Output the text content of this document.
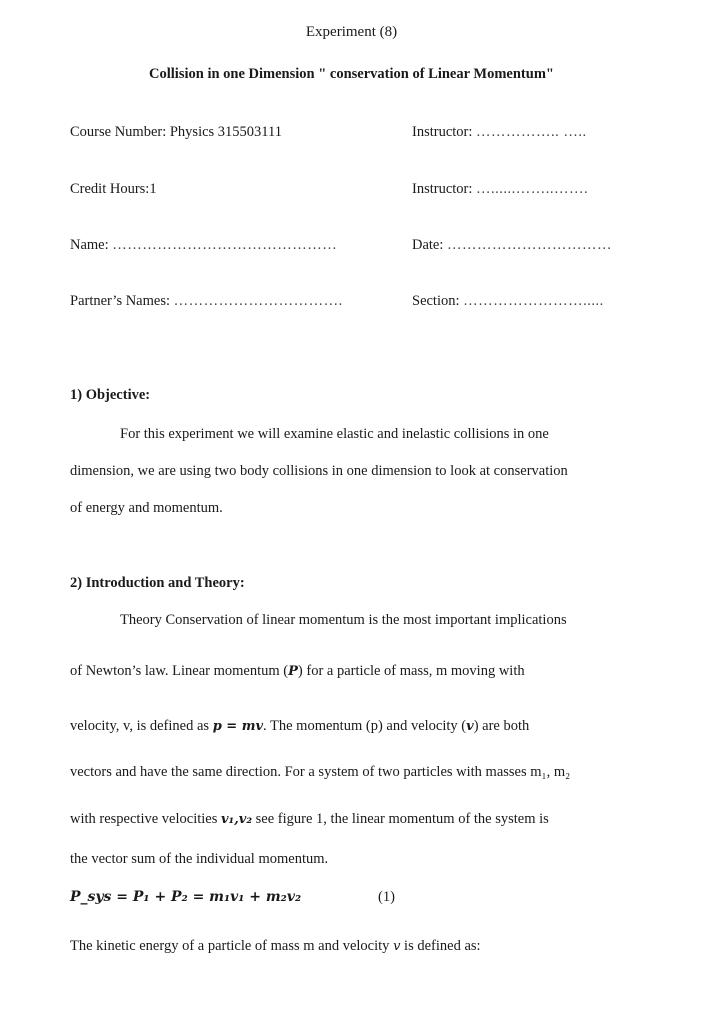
Experiment (8)
Collision in one Dimension " conservation of Linear Momentum"
Course Number: Physics 315503111	Instructor: …………….. …..
Credit Hours:1	Instructor: …......……..…….
Name: ………………………………………	Date: ……………………………
Partner’s Names: …………………………….	Section: …………………….....
1) Objective:
For this experiment we will examine elastic and inelastic collisions in one
dimension, we are using two body collisions in one dimension to look at conservation
of energy and momentum.
2) Introduction and Theory:
Theory Conservation of linear momentum is the most important implications
of Newton’s law. Linear momentum (P) for a particle of mass, m moving with
velocity, v, is defined as p = mv. The momentum (p) and velocity (v) are both
vectors and have the same direction. For a system of two particles with masses m₁, m₂
with respective velocities v₁,v₂ see figure 1, the linear momentum of the system is
the vector sum of the individual momentum.
P_sys = P₁ + P₂ = m₁v₁ + m₂v₂	(1)
The kinetic energy of a particle of mass m and velocity v is defined as:
